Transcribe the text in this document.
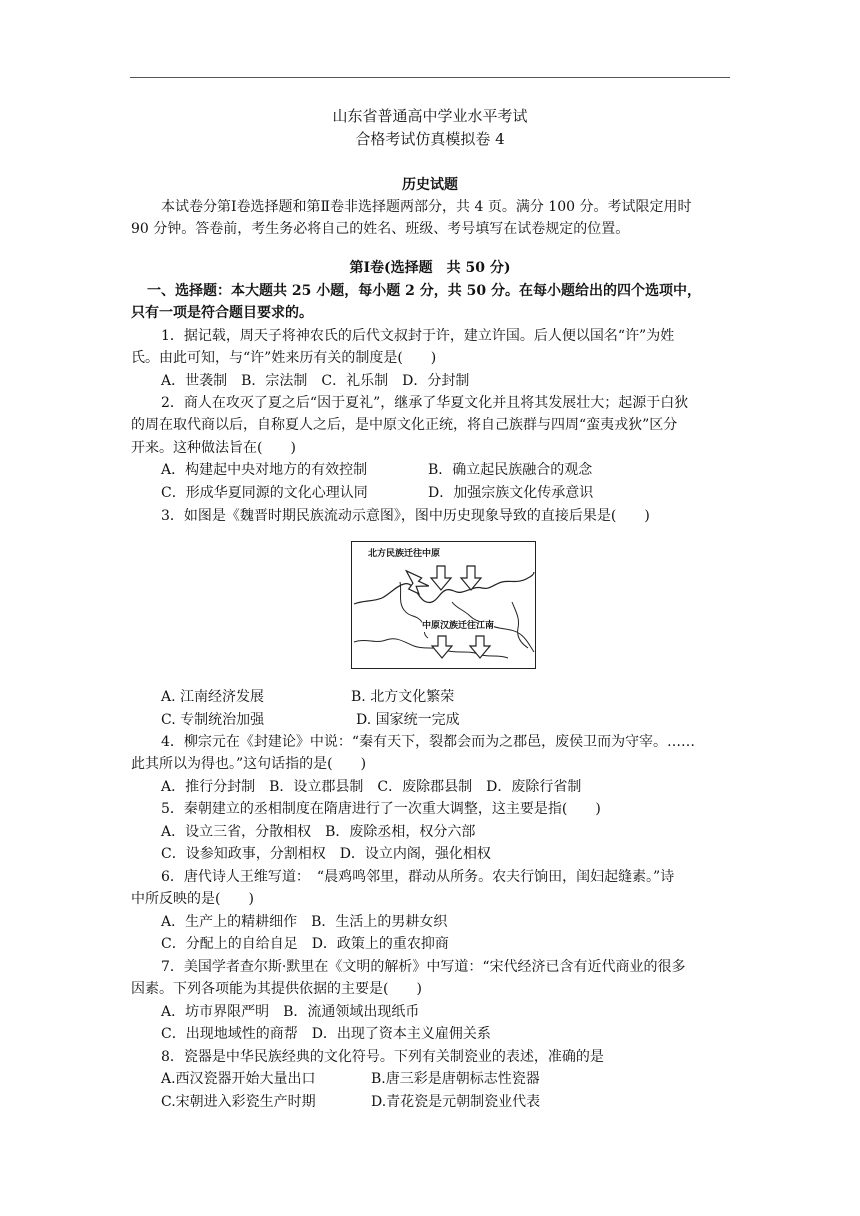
山东省普通高中学业水平考试
合格考试仿真模拟卷 4
历史试题
本试卷分第Ⅰ卷选择题和第Ⅱ卷非选择题两部分，共 4 页。满分 100 分。考试限定用时
90 分钟。答卷前，考生务必将自己的姓名、班级、考号填写在试卷规定的位置。
第Ⅰ卷(选择题　共 50 分)
一、选择题：本大题共 25 小题，每小题 2 分，共 50 分。在每小题给出的四个选项中，
只有一项是符合题目要求的。
1．据记载，周天子将神农氏的后代文叔封于许，建立许国。后人便以国名“许”为姓
氏。由此可知，与“许”姓来历有关的制度是(　　)
A．世袭制　B．宗法制　C．礼乐制　D．分封制
2．商人在攻灭了夏之后“因于夏礼”，继承了华夏文化并且将其发展壮大；起源于白狄
的周在取代商以后，自称夏人之后，是中原文化正统，将自己族群与四周“蛮夷戎狄”区分
开来。这种做法旨在(　　)
A．构建起中央对地方的有效控制	B．确立起民族融合的观念
C．形成华夏同源的文化心理认同	D．加强宗族文化传承意识
3．如图是《魏晋时期民族流动示意图》，图中历史现象导致的直接后果是(　　)
北方民族迁往中原
中原汉族迁往江南
A. 江南经济发展	B. 北方文化繁荣
C. 专制统治加强	D. 国家统一完成
4．柳宗元在《封建论》中说：“秦有天下，裂都会而为之郡邑，废侯卫而为守宰。……
此其所以为得也。”这句话指的是(　　)
A．推行分封制　B．设立郡县制　C．废除郡县制　D．废除行省制
5．秦朝建立的丞相制度在隋唐进行了一次重大调整，这主要是指(　　)
A．设立三省，分散相权　B．废除丞相，权分六部
C．设参知政事，分割相权　D．设立内阁，强化相权
6．唐代诗人王维写道：　“晨鸡鸣邻里，群动从所务。农夫行饷田，闺妇起缝素。”诗
中所反映的是(　　)
A．生产上的精耕细作　B．生活上的男耕女织
C．分配上的自给自足　D．政策上的重农抑商
7．美国学者查尔斯·默里在《文明的解析》中写道：“宋代经济已含有近代商业的很多
因素。下列各项能为其提供依据的主要是(　　)
A．坊市界限严明　B．流通领域出现纸币
C．出现地域性的商帮　D．出现了资本主义雇佣关系
8．瓷器是中华民族经典的文化符号。下列有关制瓷业的表述，准确的是
A.西汉瓷器开始大量出口	B.唐三彩是唐朝标志性瓷器
C.宋朝进入彩瓷生产时期	D.青花瓷是元朝制瓷业代表
